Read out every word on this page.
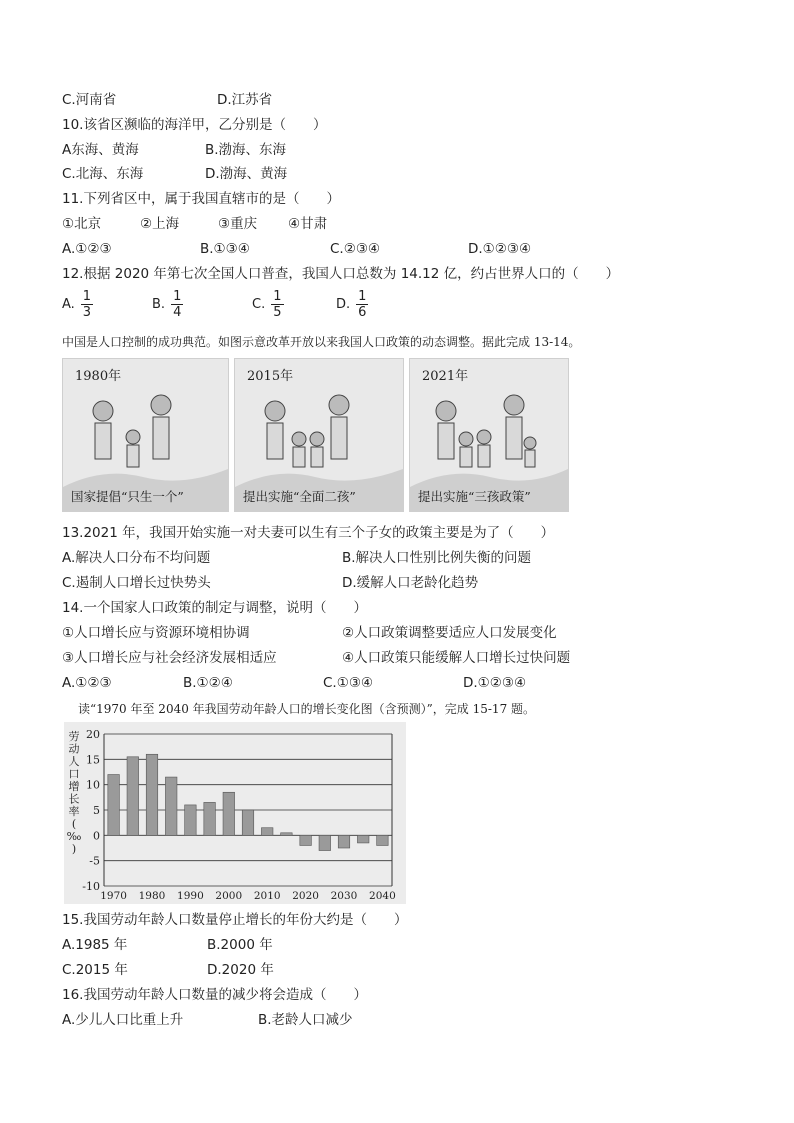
C.河南省	D.江苏省
10.该省区濒临的海洋甲，乙分别是（　　）
A东海、黄海	B.渤海、东海
C.北海、东海	D.渤海、黄海
11.下列省区中，属于我国直辖市的是（　　）
①北京	②上海	③重庆 ④甘肃
A.①②③	B.①③④	C.②③④	D.①②③④
12.根据 2020 年第七次全国人口普查，我国人口总数为 14.12 亿，约占世界人口的（　　）
A. $\frac{1}{3}$	B. $\frac{1}{4}$	C. $\frac{1}{5}$	D. $\frac{1}{6}$
中国是人口控制的成功典范。如图示意改革开放以来我国人口政策的动态调整。据此完成 13-14。
1980年
国家提倡“只生一个”
2015年
提出实施“全面二孩”
2021年
提出实施“三孩政策”
13.2021 年，我国开始实施一对夫妻可以生有三个子女的政策主要是为了（　　）
A.解决人口分布不均问题	B.解决人口性别比例失衡的问题
C.遏制人口增长过快势头	D.缓解人口老龄化趋势
14.一个国家人口政策的制定与调整，说明（　　）
①人口增长应与资源环境相协调	②人口政策调整要适应人口发展变化
③人口增长应与社会经济发展相适应	④人口政策只能缓解人口增长过快问题
A.①②③	B.①②④	C.①③④	D.①②③④
读“1970 年至 2040 年我国劳动年龄人口的增长变化图（含预测）”，完成 15-17 题。
劳
动
人
口
增
长
率
(
‰
)
20
15
10
5
0
-5
-10
1970 1980 1990 2000 2010 2020 2030 2040
15.我国劳动年龄人口数量停止增长的年份大约是（　　）
A.1985 年	B.2000 年
C.2015 年	D.2020 年
16.我国劳动年龄人口数量的减少将会造成（　　）
A.少儿人口比重上升	B.老龄人口减少
